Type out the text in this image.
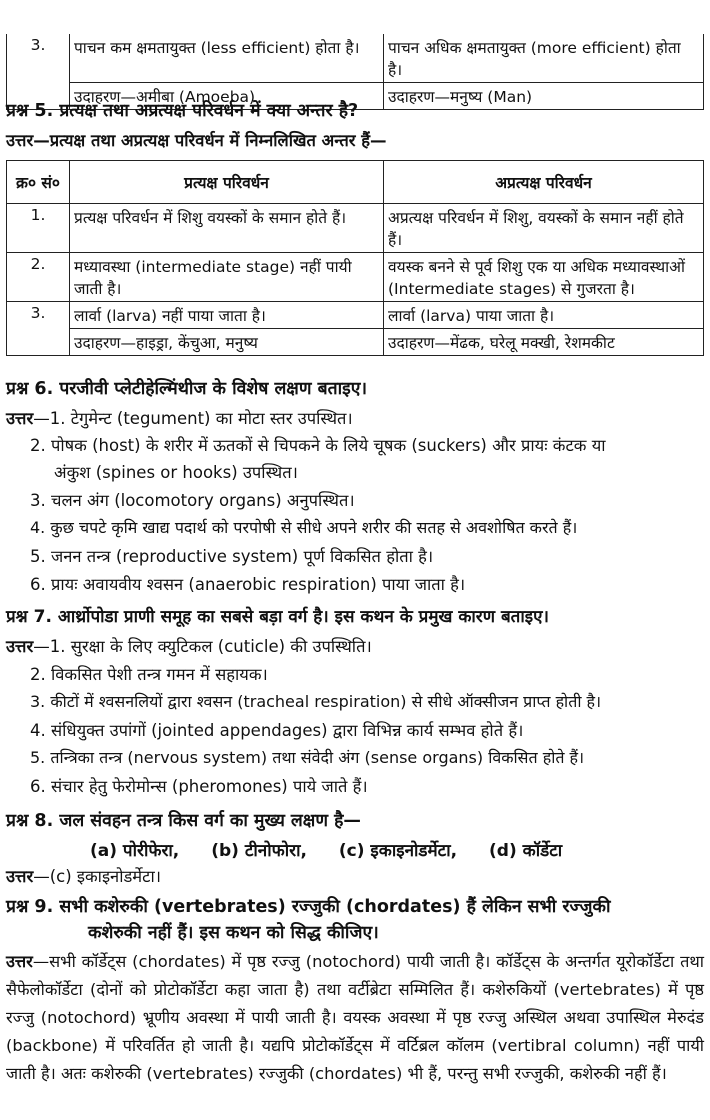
3.	पाचन कम क्षमतायुक्त (less efficient) होता है।	पाचन अधिक क्षमतायुक्त (more efficient) होता है।
	उदाहरण—अमीबा (Amoeba)	उदाहरण—मनुष्य (Man)
प्रश्न 5. प्रत्यक्ष तथा अप्रत्यक्ष परिवर्धन में क्या अन्तर है?
उत्तर—प्रत्यक्ष तथा अप्रत्यक्ष परिवर्धन में निम्नलिखित अन्तर हैं—
क्र० सं०	प्रत्यक्ष परिवर्धन	अप्रत्यक्ष परिवर्धन
1.	प्रत्यक्ष परिवर्धन में शिशु वयस्कों के समान होते हैं।	अप्रत्यक्ष परिवर्धन में शिशु, वयस्कों के समान नहीं होते हैं।
2.	मध्यावस्था (intermediate stage) नहीं पायी जाती है।	वयस्क बनने से पूर्व शिशु एक या अधिक मध्यावस्थाओं (Intermediate stages) से गुजरता है।
3.	लार्वा (larva) नहीं पाया जाता है।	लार्वा (larva) पाया जाता है।
	उदाहरण—हाइड्रा, केंचुआ, मनुष्य	उदाहरण—मेंढक, घरेलू मक्खी, रेशमकीट
प्रश्न 6. परजीवी प्लेटीहेल्मिंथीज के विशेष लक्षण बताइए।
उत्तर—1. टेगुमेन्ट (tegument) का मोटा स्तर उपस्थित।
2. पोषक (host) के शरीर में ऊतकों से चिपकने के लिये चूषक (suckers) और प्रायः कंटक या
अंकुश (spines or hooks) उपस्थित।
3. चलन अंग (locomotory organs) अनुपस्थित।
4. कुछ चपटे कृमि खाद्य पदार्थ को परपोषी से सीधे अपने शरीर की सतह से अवशोषित करते हैं।
5. जनन तन्त्र (reproductive system) पूर्ण विकसित होता है।
6. प्रायः अवायवीय श्वसन (anaerobic respiration) पाया जाता है।
प्रश्न 7. आर्थ्रोपोडा प्राणी समूह का सबसे बड़ा वर्ग है। इस कथन के प्रमुख कारण बताइए।
उत्तर—1. सुरक्षा के लिए क्युटिकल (cuticle) की उपस्थिति।
2. विकसित पेशी तन्त्र गमन में सहायक।
3. कीटों में श्वसनलियों द्वारा श्वसन (tracheal respiration) से सीधे ऑक्सीजन प्राप्त होती है।
4. संधियुक्त उपांगों (jointed appendages) द्वारा विभिन्न कार्य सम्भव होते हैं।
5. तन्त्रिका तन्त्र (nervous system) तथा संवेदी अंग (sense organs) विकसित होते हैं।
6. संचार हेतु फेरोमोन्स (pheromones) पाये जाते हैं।
प्रश्न 8. जल संवहन तन्त्र किस वर्ग का मुख्य लक्षण है—
(a) पोरीफेरा, (b) टीनोफोरा, (c) इकाइनोडर्मेटा, (d) कॉर्डेटा
उत्तर—(c) इकाइनोडर्मेटा।
प्रश्न 9. सभी कशेरुकी (vertebrates) रज्जुकी (chordates) हैं लेकिन सभी रज्जुकी
कशेरुकी नहीं हैं। इस कथन को सिद्ध कीजिए।
उत्तर—सभी कॉर्डेट्स (chordates) में पृष्ठ रज्जु (notochord) पायी जाती है। कॉर्डेट्स के अन्तर्गत यूरोकॉर्डेटा तथा सैफेलोकॉर्डेटा (दोनों को प्रोटोकॉर्डेटा कहा जाता है) तथा वर्टीब्रेटा सम्मिलित हैं। कशेरुकियों (vertebrates) में पृष्ठ रज्जु (notochord) भ्रूणीय अवस्था में पायी जाती है। वयस्क अवस्था में पृष्ठ रज्जु अस्थिल अथवा उपास्थिल मेरुदंड (backbone) में परिवर्तित हो जाती है। यद्यपि प्रोटोकॉर्डेट्स में वर्टिब्रल कॉलम (vertibral column) नहीं पायी जाती है। अतः कशेरुकी (vertebrates) रज्जुकी (chordates) भी हैं, परन्तु सभी रज्जुकी, कशेरुकी नहीं हैं।
